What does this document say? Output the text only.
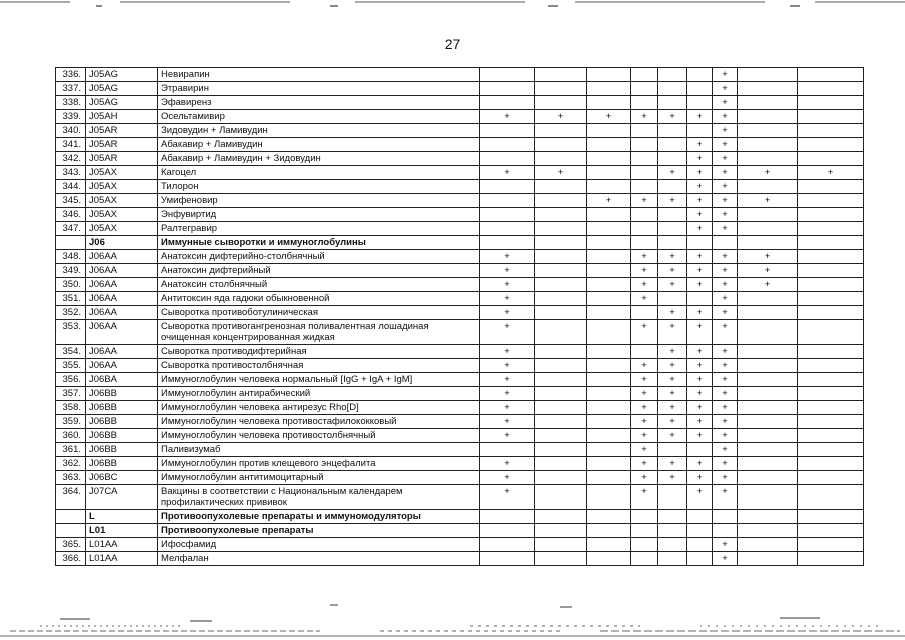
27
336.	J05AG	Невирапин							+		
337.	J05AG	Этравирин							+		
338.	J05AG	Эфавиренз							+		
339.	J05AH	Осельтамивир	+	+	+	+	+	+	+		
340.	J05AR	Зидовудин + Ламивудин							+		
341.	J05AR	Абакавир + Ламивудин						+	+		
342.	J05AR	Абакавир + Ламивудин + Зидовудин						+	+		
343.	J05AX	Кагоцел	+	+			+	+	+	+	+
344.	J05AX	Тилорон						+	+		
345.	J05AX	Умифеновир			+	+	+	+	+	+	
346.	J05AX	Энфувиртид						+	+		
347.	J05AX	Ралтегравир						+	+		
	J06	Иммунные сыворотки и иммуноглобулины									
348.	J06AA	Анатоксин дифтерийно-столбнячный	+			+	+	+	+	+	
349.	J06AA	Анатоксин дифтерийный	+			+	+	+	+	+	
350.	J06AA	Анатоксин столбнячный	+			+	+	+	+	+	
351.	J06AA	Антитоксин яда гадюки обыкновенной	+			+			+		
352.	J06AA	Сыворотка противоботулиническая	+				+	+	+		
353.	J06AA	Сыворотка противогангренозная поливалентная лошадиная очищенная концентрированная жидкая	+			+	+	+	+		
354.	J06AA	Сыворотка противодифтерийная	+				+	+	+		
355.	J06AA	Сыворотка противостолбнячная	+			+	+	+	+		
356.	J06BA	Иммуноглобулин человека нормальный [IgG + IgA + IgM]	+			+	+	+	+		
357.	J06BB	Иммуноглобулин антирабический	+			+	+	+	+		
358.	J06BB	Иммуноглобулин человека антирезус Rho[D]	+			+	+	+	+		
359.	J06BB	Иммуноглобулин человека противостафилококковый	+			+	+	+	+		
360.	J06BB	Иммуноглобулин человека противостолбнячный	+			+	+	+	+		
361.	J06BB	Паливизумаб				+			+		
362.	J06BB	Иммуноглобулин против клещевого энцефалита	+			+	+	+	+		
363.	J06BC	Иммуноглобулин антитимоцитарный	+			+	+	+	+		
364.	J07CA	Вакцины в соответствии с Национальным календарем профилактических прививок	+			+		+	+		
	L	Противоопухолевые препараты и иммуномодуляторы									
	L01	Противоопухолевые препараты									
365.	L01AA	Ифосфамид							+		
366.	L01AA	Мелфалан							+		
